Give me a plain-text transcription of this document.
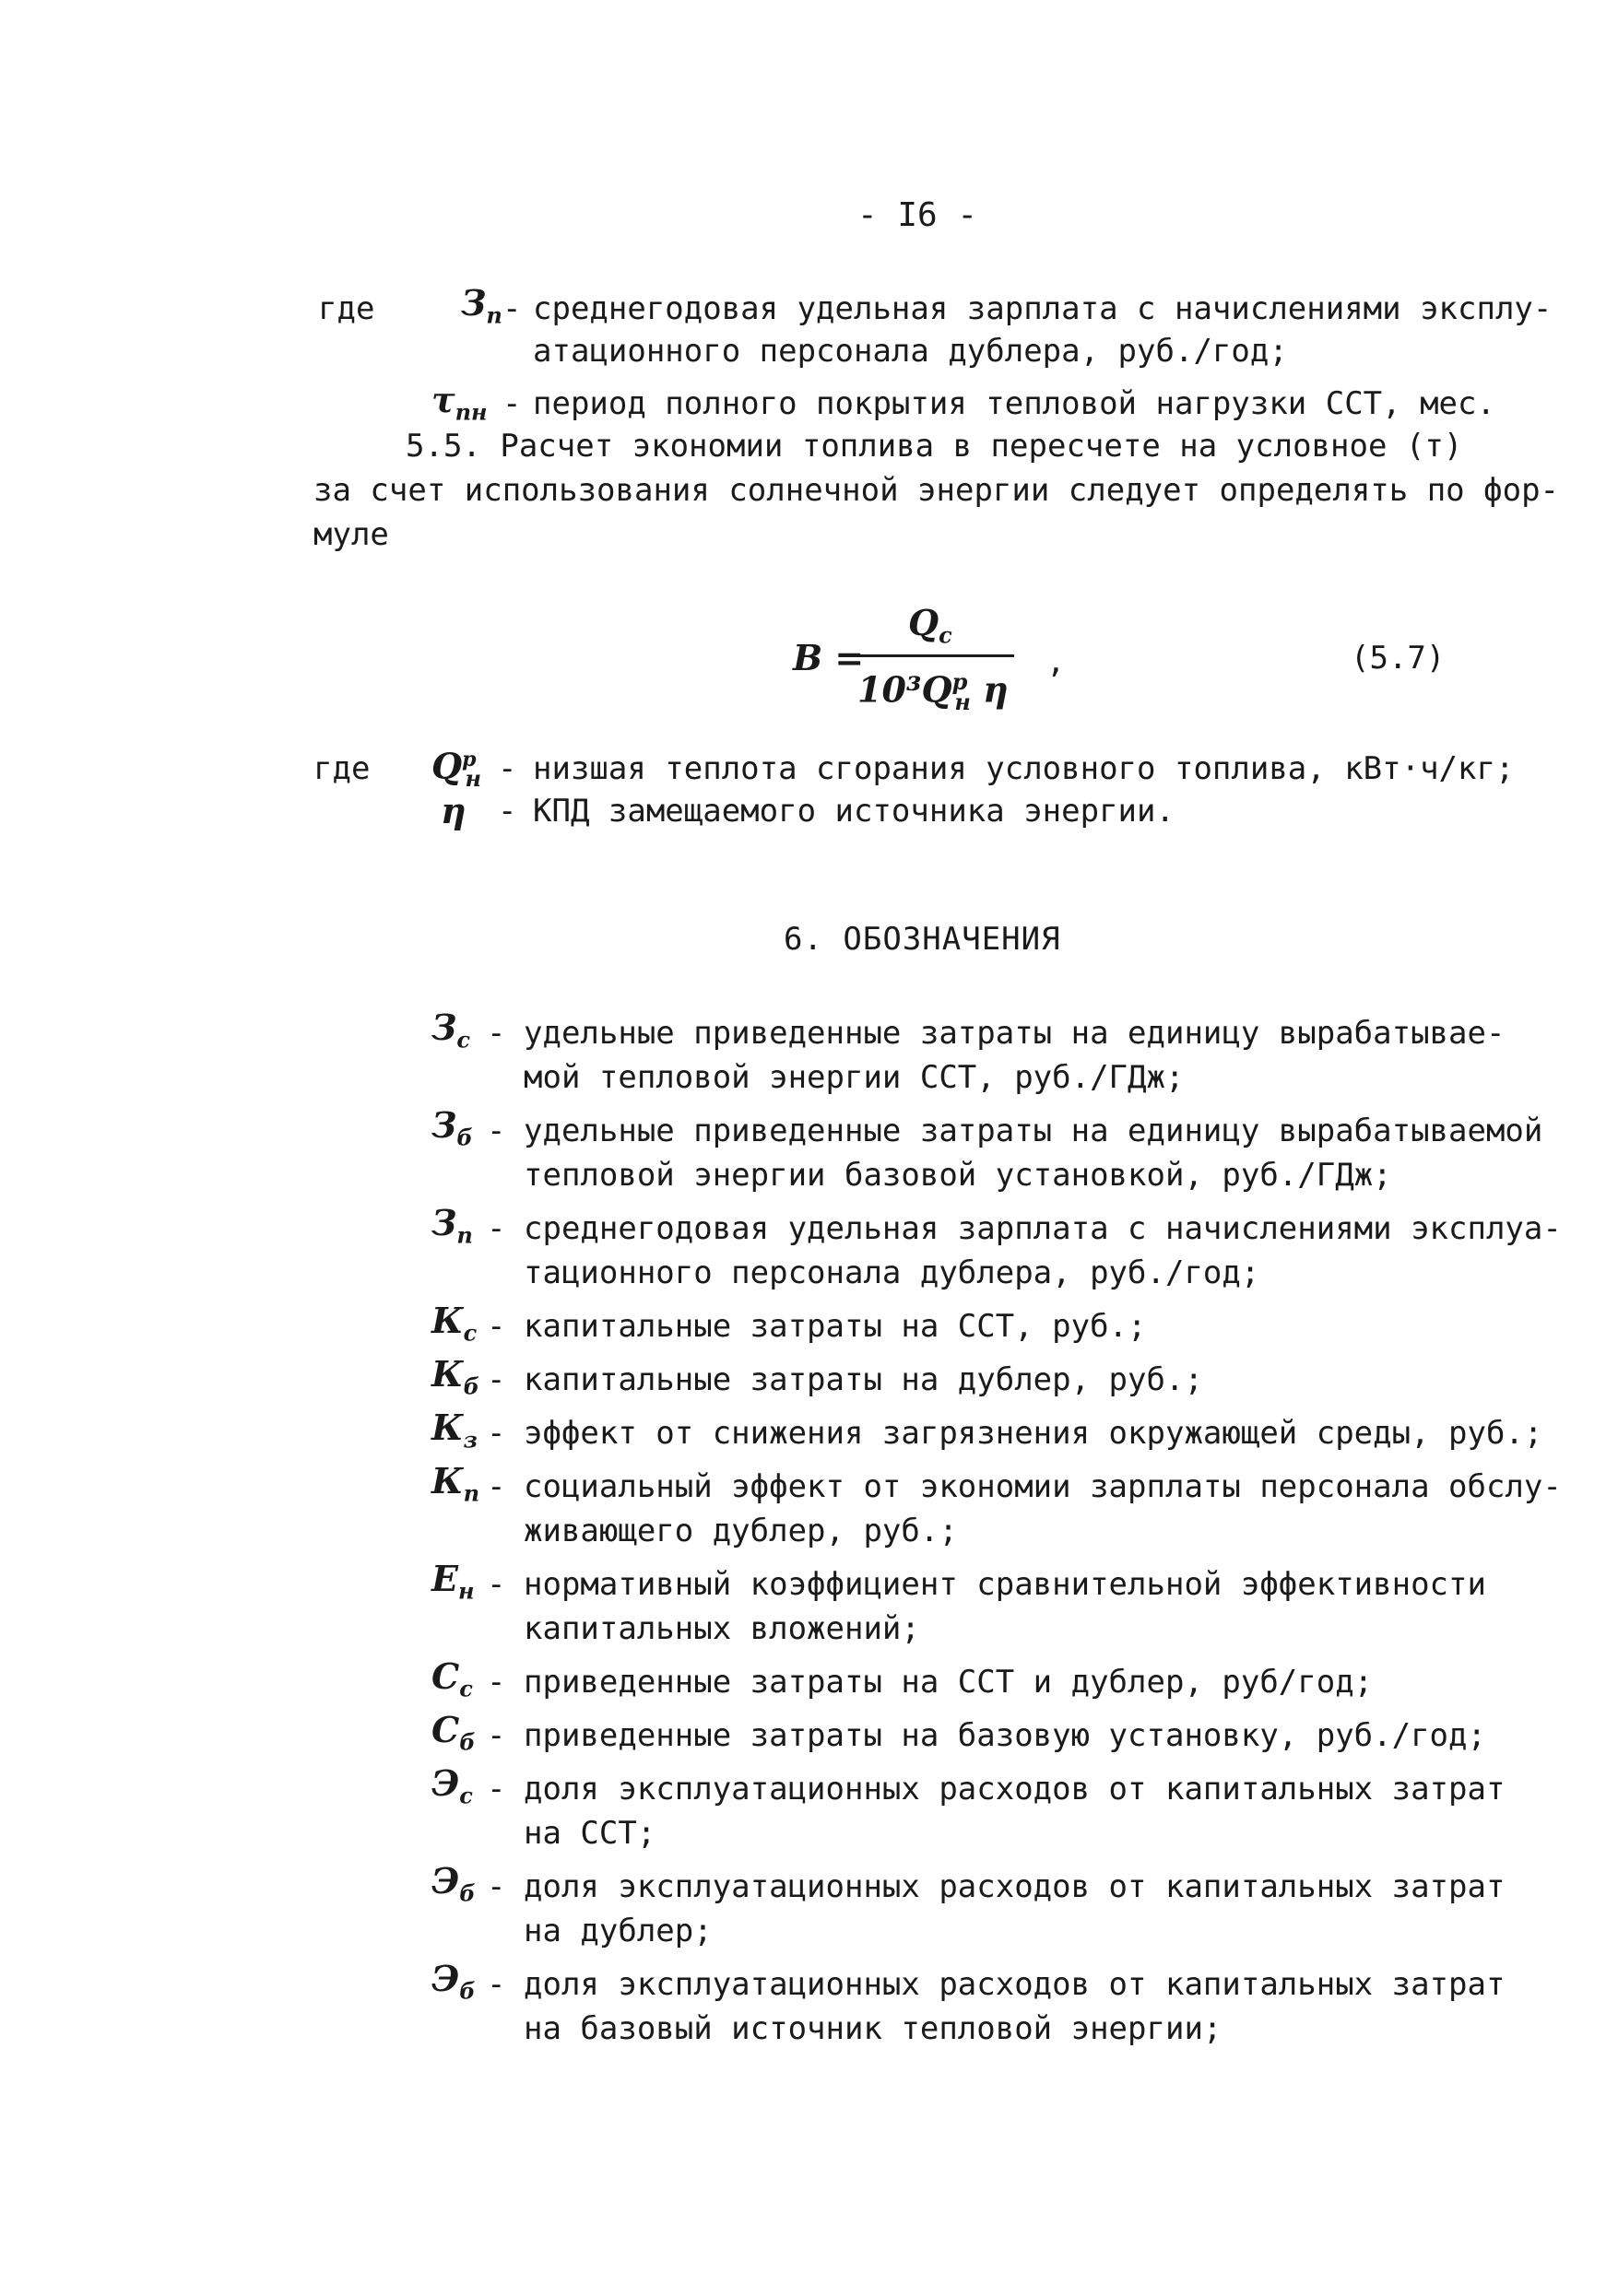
- I6 -
где $З_п$ - среднегодовая удельная зарплата с начислениями эксплу-
атационного персонала дублера, руб./год;
$\tau_{пн}$ - период полного покрытия тепловой нагрузки ССТ, мес.
5.5. Расчет экономии топлива в пересчете на условное (т)
за счет использования солнечной энергии следует определять по фор-
муле
В =
$Q_с$
$10^3Q^р_н$ η
,	(5.7)
где $Q^р_н$ - низшая теплота сгорания условного топлива, кВт·ч/кг;
η - КПД замещаемого источника энергии.
6. ОБОЗНАЧЕНИЯ
$З_с$ - удельные приведенные затраты на единицу вырабатывае-
мой тепловой энергии ССТ, руб./ГДж;
$З_б$ - удельные приведенные затраты на единицу вырабатываемой
тепловой энергии базовой установкой, руб./ГДж;
$З_п$ - среднегодовая удельная зарплата с начислениями эксплуа-
тационного персонала дублера, руб./год;
$К_с$ - капитальные затраты на ССТ, руб.;
$К_б$ - капитальные затраты на дублер, руб.;
$К_з$ - эффект от снижения загрязнения окружающей среды, руб.;
$К_п$ - социальный эффект от экономии зарплаты персонала обслу-
живающего дублер, руб.;
$Е_н$ - нормативный коэффициент сравнительной эффективности
капитальных вложений;
$С_с$ - приведенные затраты на ССТ и дублер, руб/год;
$С_б$ - приведенные затраты на базовую установку, руб./год;
$Э_с$ - доля эксплуатационных расходов от капитальных затрат
на ССТ;
$Э_б$ - доля эксплуатационных расходов от капитальных затрат
на дублер;
$Э_б$ - доля эксплуатационных расходов от капитальных затрат
на базовый источник тепловой энергии;
